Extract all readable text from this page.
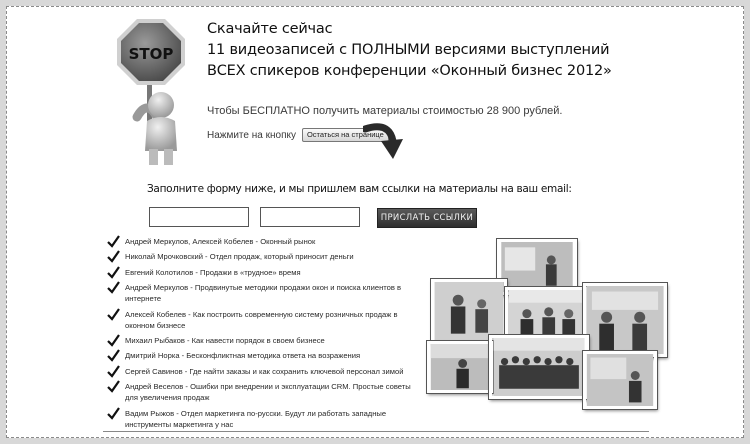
STOP
Скачайте сейчас
11 видеозаписей с ПОЛНЫМИ версиями выступлений
ВСЕХ спикеров конференции «Оконный бизнес 2012»
Чтобы БЕСПЛАТНО получить материалы стоимостью 28 900 рублей.
Нажмите на кнопку	Остаться на странице
Заполните форму ниже, и мы пришлем вам ссылки на материалы на ваш email:
ПРИСЛАТЬ ССЫЛКИ
Андрей Меркулов, Алексей Кобелев - Оконный рынок
Николай Мрочковский - Отдел продаж, который приносит деньги
Евгений Колотилов - Продажи в «трудное» время
Андрей Меркулов - Продвинутые методики продажи окон и поиска клиентов в интернете
Алексей Кобелев - Как построить современную систему розничных продаж в оконном бизнесе
Михаил Рыбаков - Как навести порядок в своем бизнесе
Дмитрий Норка - Бесконфликтная методика ответа на возражения
Сергей Савинов - Где найти заказы и как сохранить ключевой персонал зимой
Андрей Веселов - Ошибки при внедрении и эксплуатации CRM. Простые советы для увеличения продаж
Вадим Рыжов - Отдел маркетинга по-русски. Будут ли работать западные инструменты маркетинга у нас
